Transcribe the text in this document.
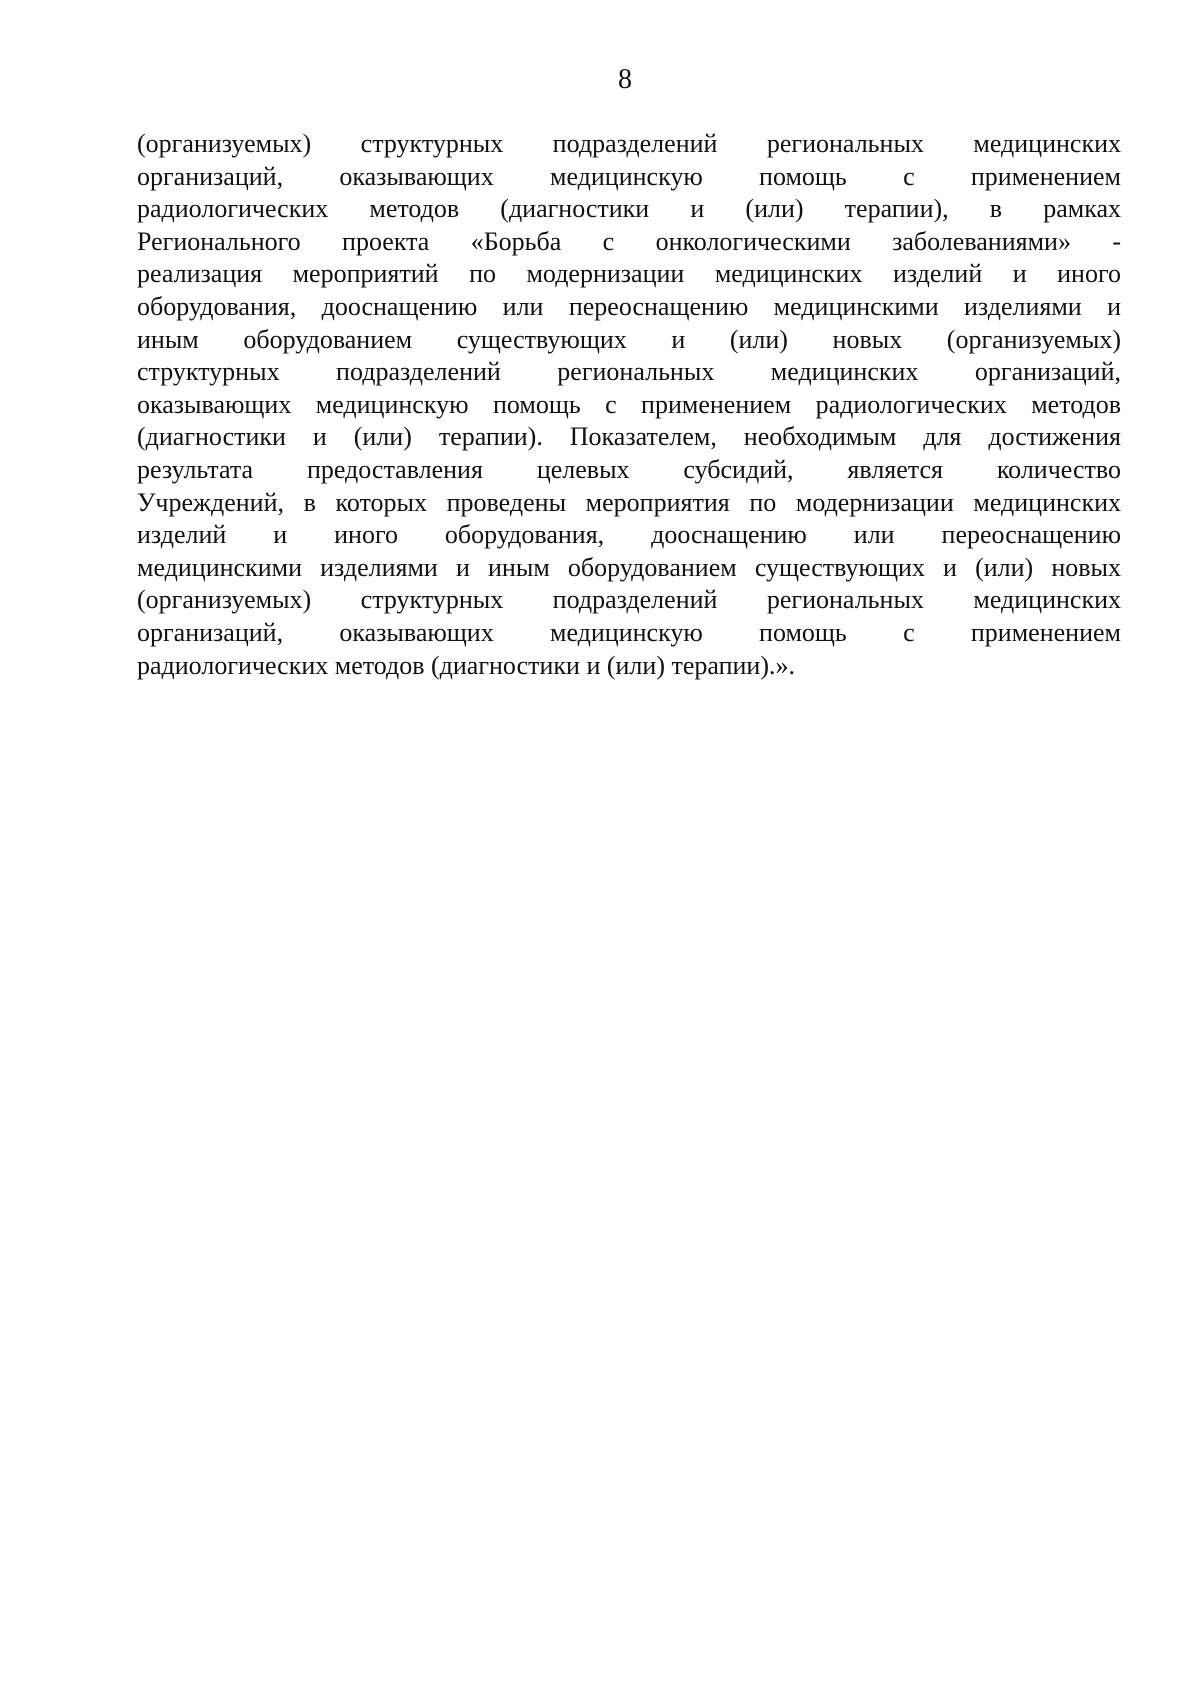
8
(организуемых) структурных подразделений региональных медицинских
организаций, оказывающих медицинскую помощь с применением
радиологических методов (диагностики и (или) терапии), в рамках
Регионального проекта «Борьба с онкологическими заболеваниями» -
реализация мероприятий по модернизации медицинских изделий и иного
оборудования, дооснащению или переоснащению медицинскими изделиями и
иным оборудованием существующих и (или) новых (организуемых)
структурных подразделений региональных медицинских организаций,
оказывающих медицинскую помощь с применением радиологических методов
(диагностики и (или) терапии). Показателем, необходимым для достижения
результата предоставления целевых субсидий, является количество
Учреждений, в которых проведены мероприятия по модернизации медицинских
изделий и иного оборудования, дооснащению или переоснащению
медицинскими изделиями и иным оборудованием существующих и (или) новых
(организуемых) структурных подразделений региональных медицинских
организаций, оказывающих медицинскую помощь с применением
радиологических методов (диагностики и (или) терапии).».
